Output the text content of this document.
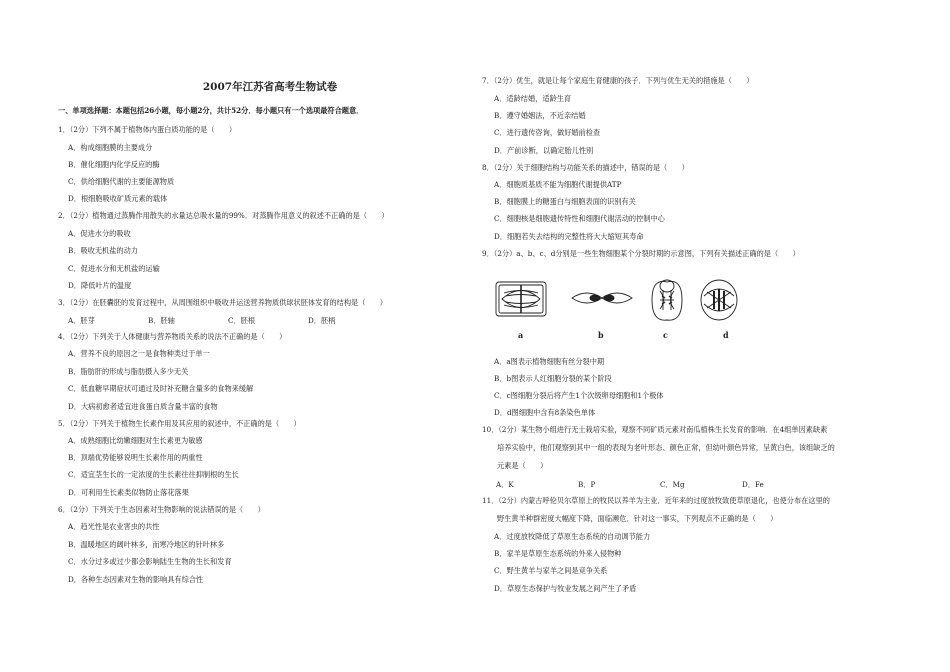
2007年江苏省高考生物试卷
一、单项选择题：本题包括26小题，每小题2分，共计52分．每小题只有一个选项最符合题意．
a	b	c	d
1．（2分）下列不属于植物体内蛋白质功能的是（　　）
A．构成细胞膜的主要成分
B．催化细胞内化学反应的酶
C．供给细胞代谢的主要能源物质
D．根细胞吸收矿质元素的载体
2．（2分）植物通过蒸腾作用散失的水量达总吸水量的99%．对蒸腾作用意义的叙述不正确的是（　　）
A．促进水分的吸收
B．吸收无机盐的动力
C．促进水分和无机盐的运输
D．降低叶片的温度
3．（2分）在胚囊胚的发育过程中，从周围组织中吸收并运送营养物质供球状胚体发育的结构是（　　）
A．胚芽	B．胚轴	C．胚根	D．胚柄
4．（2分）下列关于人体健康与营养物质关系的说法不正确的是（　　）
A．营养不良的原因之一是食物种类过于单一
B．脂肪肝的形成与脂肪摄入多少无关
C．低血糖早期症状可通过及时补充糖含量多的食物来缓解
D．大病初愈者适宜进食蛋白质含量丰富的食物
5．（2分）下列关于植物生长素作用及其应用的叙述中，不正确的是（　　）
A．成熟细胞比幼嫩细胞对生长素更为敏感
B．顶端优势能够说明生长素作用的两重性
C．适宜茎生长的一定浓度的生长素往往抑制根的生长
D．可利用生长素类似物防止落花落果
6．（2分）下列关于生态因素对生物影响的说法错误的是（　　）
A．趋光性是农业害虫的共性
B．温暖地区的阔叶林多，而寒冷地区的针叶林多
C．水分过多或过少都会影响陆生生物的生长和发育
D．各种生态因素对生物的影响具有综合性
7．（2分）优生，就是让每个家庭生育健康的孩子．下列与优生无关的措施是（　　）
A．适龄结婚，适龄生育
B．遵守婚姻法，不近亲结婚
C．进行遗传咨询，做好婚前检查
D．产前诊断，以确定胎儿性别
8．（2分）关于细胞结构与功能关系的描述中，错误的是（　　）
A．细胞质基质不能为细胞代谢提供ATP
B．细胞膜上的糖蛋白与细胞表面的识别有关
C．细胞核是细胞遗传特性和细胞代谢活动的控制中心
D．细胞若失去结构的完整性将大大缩短其寿命
9．（2分）a、b、c、d分别是一些生物细胞某个分裂时期的示意图，下列有关描述正确的是（　　）
A．a图表示植物细胞有丝分裂中期
B．b图表示人红细胞分裂的某个阶段
C．c图细胞分裂后将产生1个次级卵母细胞和1个极体
D．d图细胞中含有8条染色单体
10．（2分）某生物小组进行无土栽培实验，观察不同矿质元素对南瓜植株生长发育的影响．在4组单因素缺素
培养实验中，他们观察到其中一组的表现为老叶形态、颜色正常，但幼叶颜色异常，呈黄白色，该组缺乏的
元素是（　　）
A．K	B．P	C．Mg	D．Fe
11．（2分）内蒙古呼伦贝尔草原上的牧民以养羊为主业．近年来的过度放牧致使草原退化，也使分布在这里的
野生黄羊种群密度大幅度下降，面临濒危．针对这一事实，下列观点不正确的是（　　）
A．过度放牧降低了草原生态系统的自动调节能力
B．家羊是草原生态系统的外来入侵物种
C．野生黄羊与家羊之间是竞争关系
D．草原生态保护与牧业发展之间产生了矛盾
